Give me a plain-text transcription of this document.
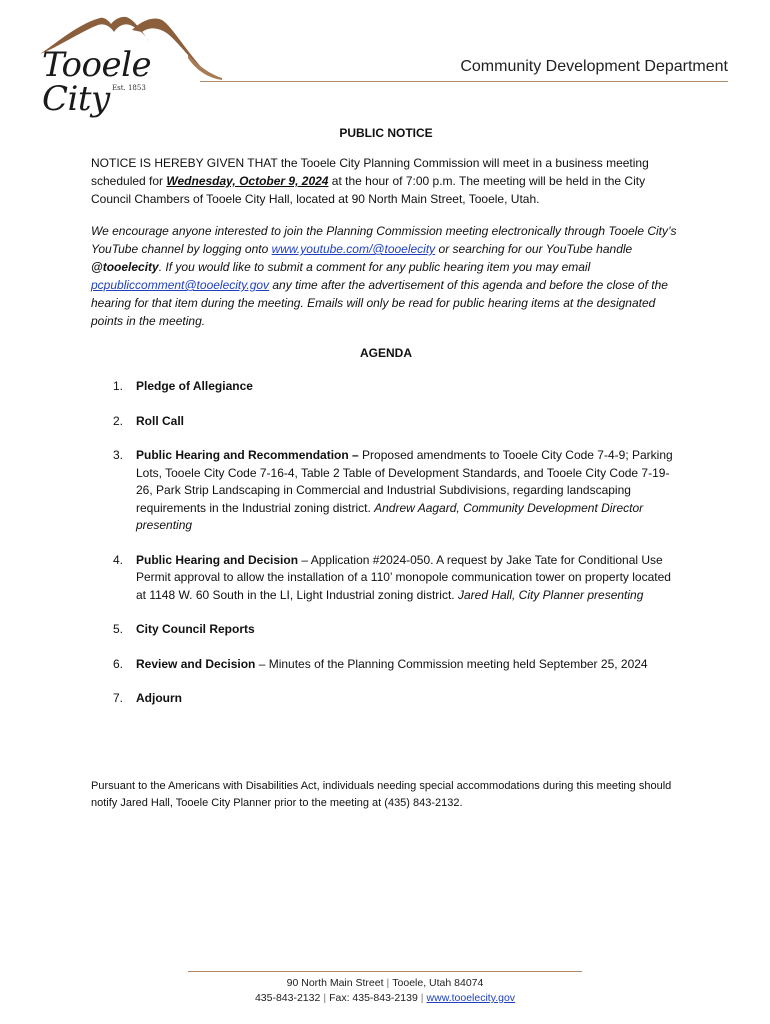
Tooele City Est. 1853
Community Development Department
PUBLIC NOTICE

NOTICE IS HEREBY GIVEN THAT the Tooele City Planning Commission will meet in a business meeting scheduled for Wednesday, October 9, 2024 at the hour of 7:00 p.m. The meeting will be held in the City Council Chambers of Tooele City Hall, located at 90 North Main Street, Tooele, Utah.

We encourage anyone interested to join the Planning Commission meeting electronically through Tooele City’s YouTube channel by logging onto www.youtube.com/@tooelecity or searching for our YouTube handle @tooelecity. If you would like to submit a comment for any public hearing item you may email pcpubliccomment@tooelecity.gov any time after the advertisement of this agenda and before the close of the hearing for that item during the meeting. Emails will only be read for public hearing items at the designated points in the meeting.

AGENDA
1. Pledge of Allegiance
2. Roll Call
3. Public Hearing and Recommendation – Proposed amendments to Tooele City Code 7-4-9; Parking Lots, Tooele City Code 7-16-4, Table 2 Table of Development Standards, and Tooele City Code 7-19-26, Park Strip Landscaping in Commercial and Industrial Subdivisions, regarding landscaping requirements in the Industrial zoning district. Andrew Aagard, Community Development Director presenting
4. Public Hearing and Decision – Application #2024-050. A request by Jake Tate for Conditional Use Permit approval to allow the installation of a 110’ monopole communication tower on property located at 1148 W. 60 South in the LI, Light Industrial zoning district. Jared Hall, City Planner presenting
5. City Council Reports
6. Review and Decision – Minutes of the Planning Commission meeting held September 25, 2024
7. Adjourn

Pursuant to the Americans with Disabilities Act, individuals needing special accommodations during this meeting should notify Jared Hall, Tooele City Planner prior to the meeting at (435) 843-2132.

90 North Main Street | Tooele, Utah 84074
435-843-2132 | Fax: 435-843-2139 | www.tooelecity.gov
